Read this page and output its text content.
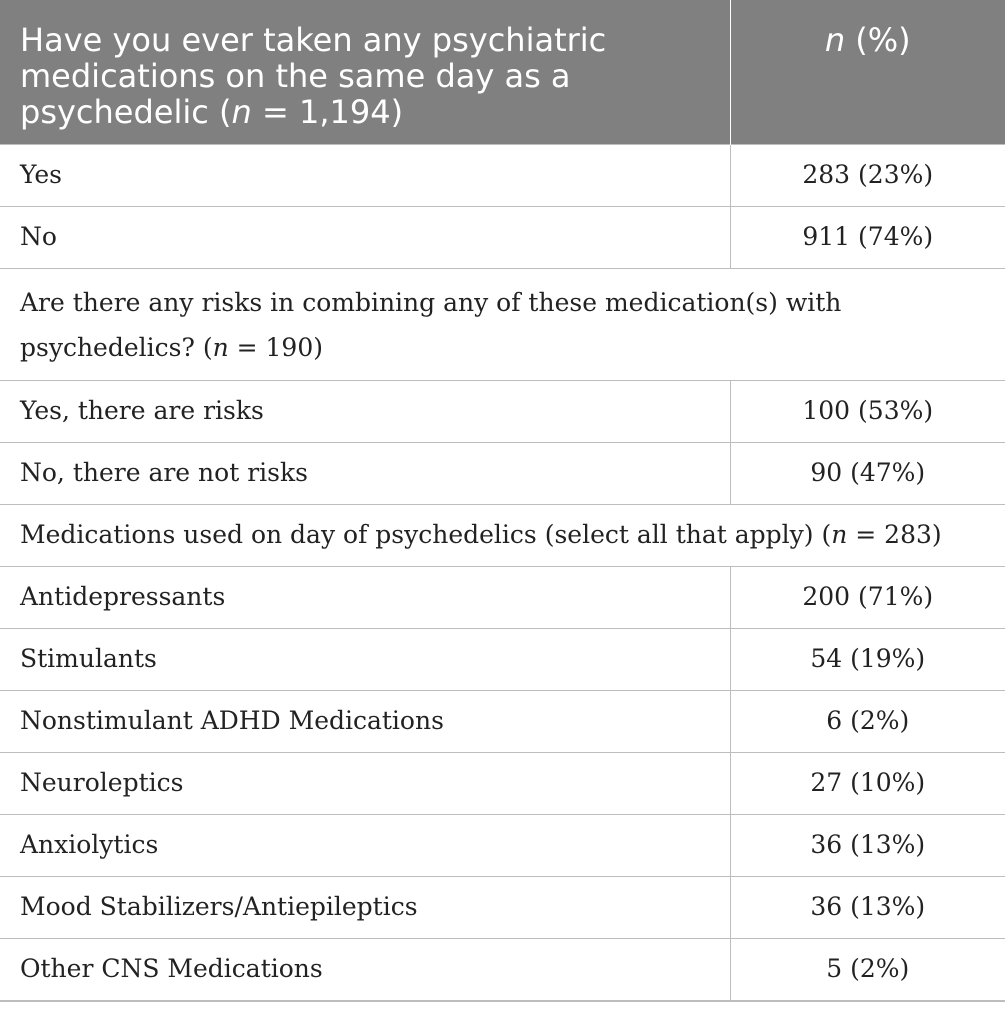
Have you ever taken any psychiatric medications on the same day as a psychedelic (n = 1,194)	n (%)
Yes	283 (23%)
No	911 (74%)
Are there any risks in combining any of these medication(s) with psychedelics? (n = 190)	
Yes, there are risks	100 (53%)
No, there are not risks	90 (47%)
Medications used on day of psychedelics (select all that apply) (n = 283)	
Antidepressants	200 (71%)
Stimulants	54 (19%)
Nonstimulant ADHD Medications	6 (2%)
Neuroleptics	27 (10%)
Anxiolytics	36 (13%)
Mood Stabilizers/Antiepileptics	36 (13%)
Other CNS Medications	5 (2%)
